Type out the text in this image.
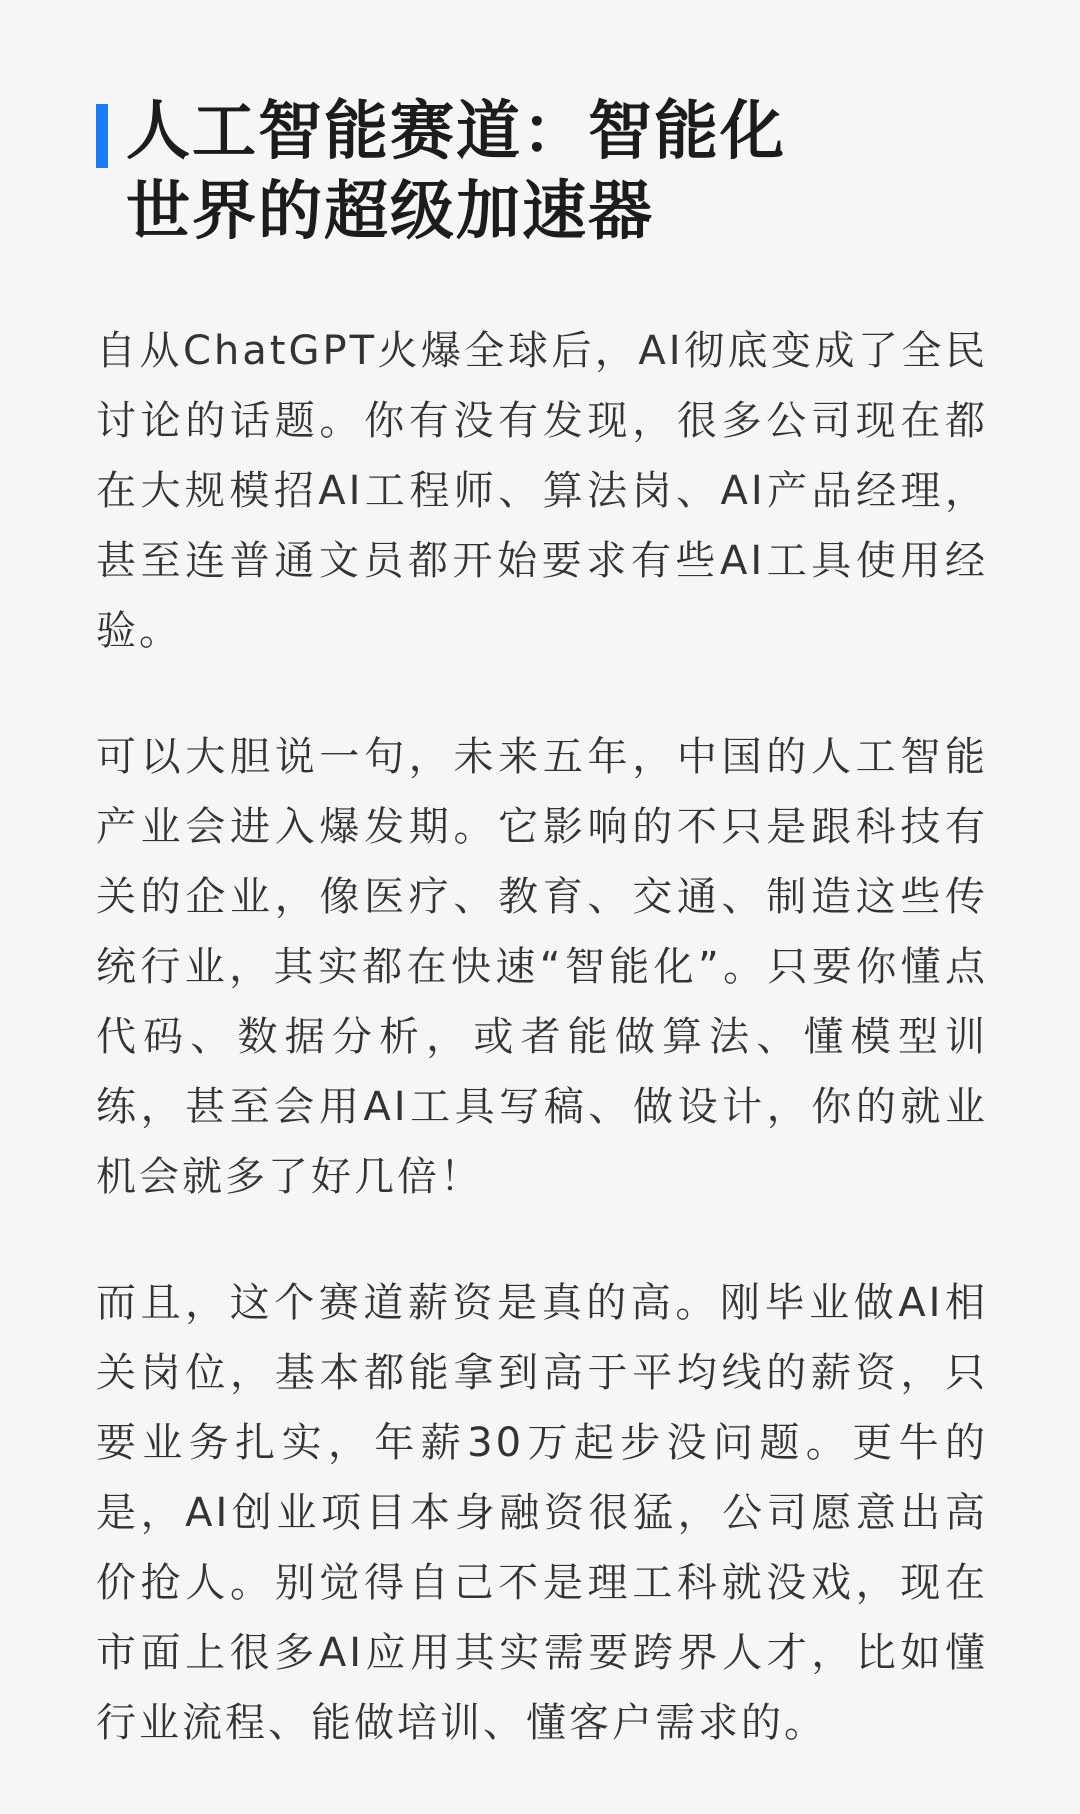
人工智能赛道：智能化
世界的超级加速器

自从ChatGPT火爆全球后，AI彻底变成了全民讨论的话题。你有没有发现，很多公司现在都在大规模招AI工程师、算法岗、AI产品经理，甚至连普通文员都开始要求有些AI工具使用经验。

可以大胆说一句，未来五年，中国的人工智能产业会进入爆发期。它影响的不只是跟科技有关的企业，像医疗、教育、交通、制造这些传统行业，其实都在快速“智能化”。只要你懂点代码、数据分析，或者能做算法、懂模型训练，甚至会用AI工具写稿、做设计，你的就业机会就多了好几倍！

而且，这个赛道薪资是真的高。刚毕业做AI相关岗位，基本都能拿到高于平均线的薪资，只要业务扎实，年薪30万起步没问题。更牛的是，AI创业项目本身融资很猛，公司愿意出高价抢人。别觉得自己不是理工科就没戏，现在市面上很多AI应用其实需要跨界人才，比如懂行业流程、能做培训、懂客户需求的。
